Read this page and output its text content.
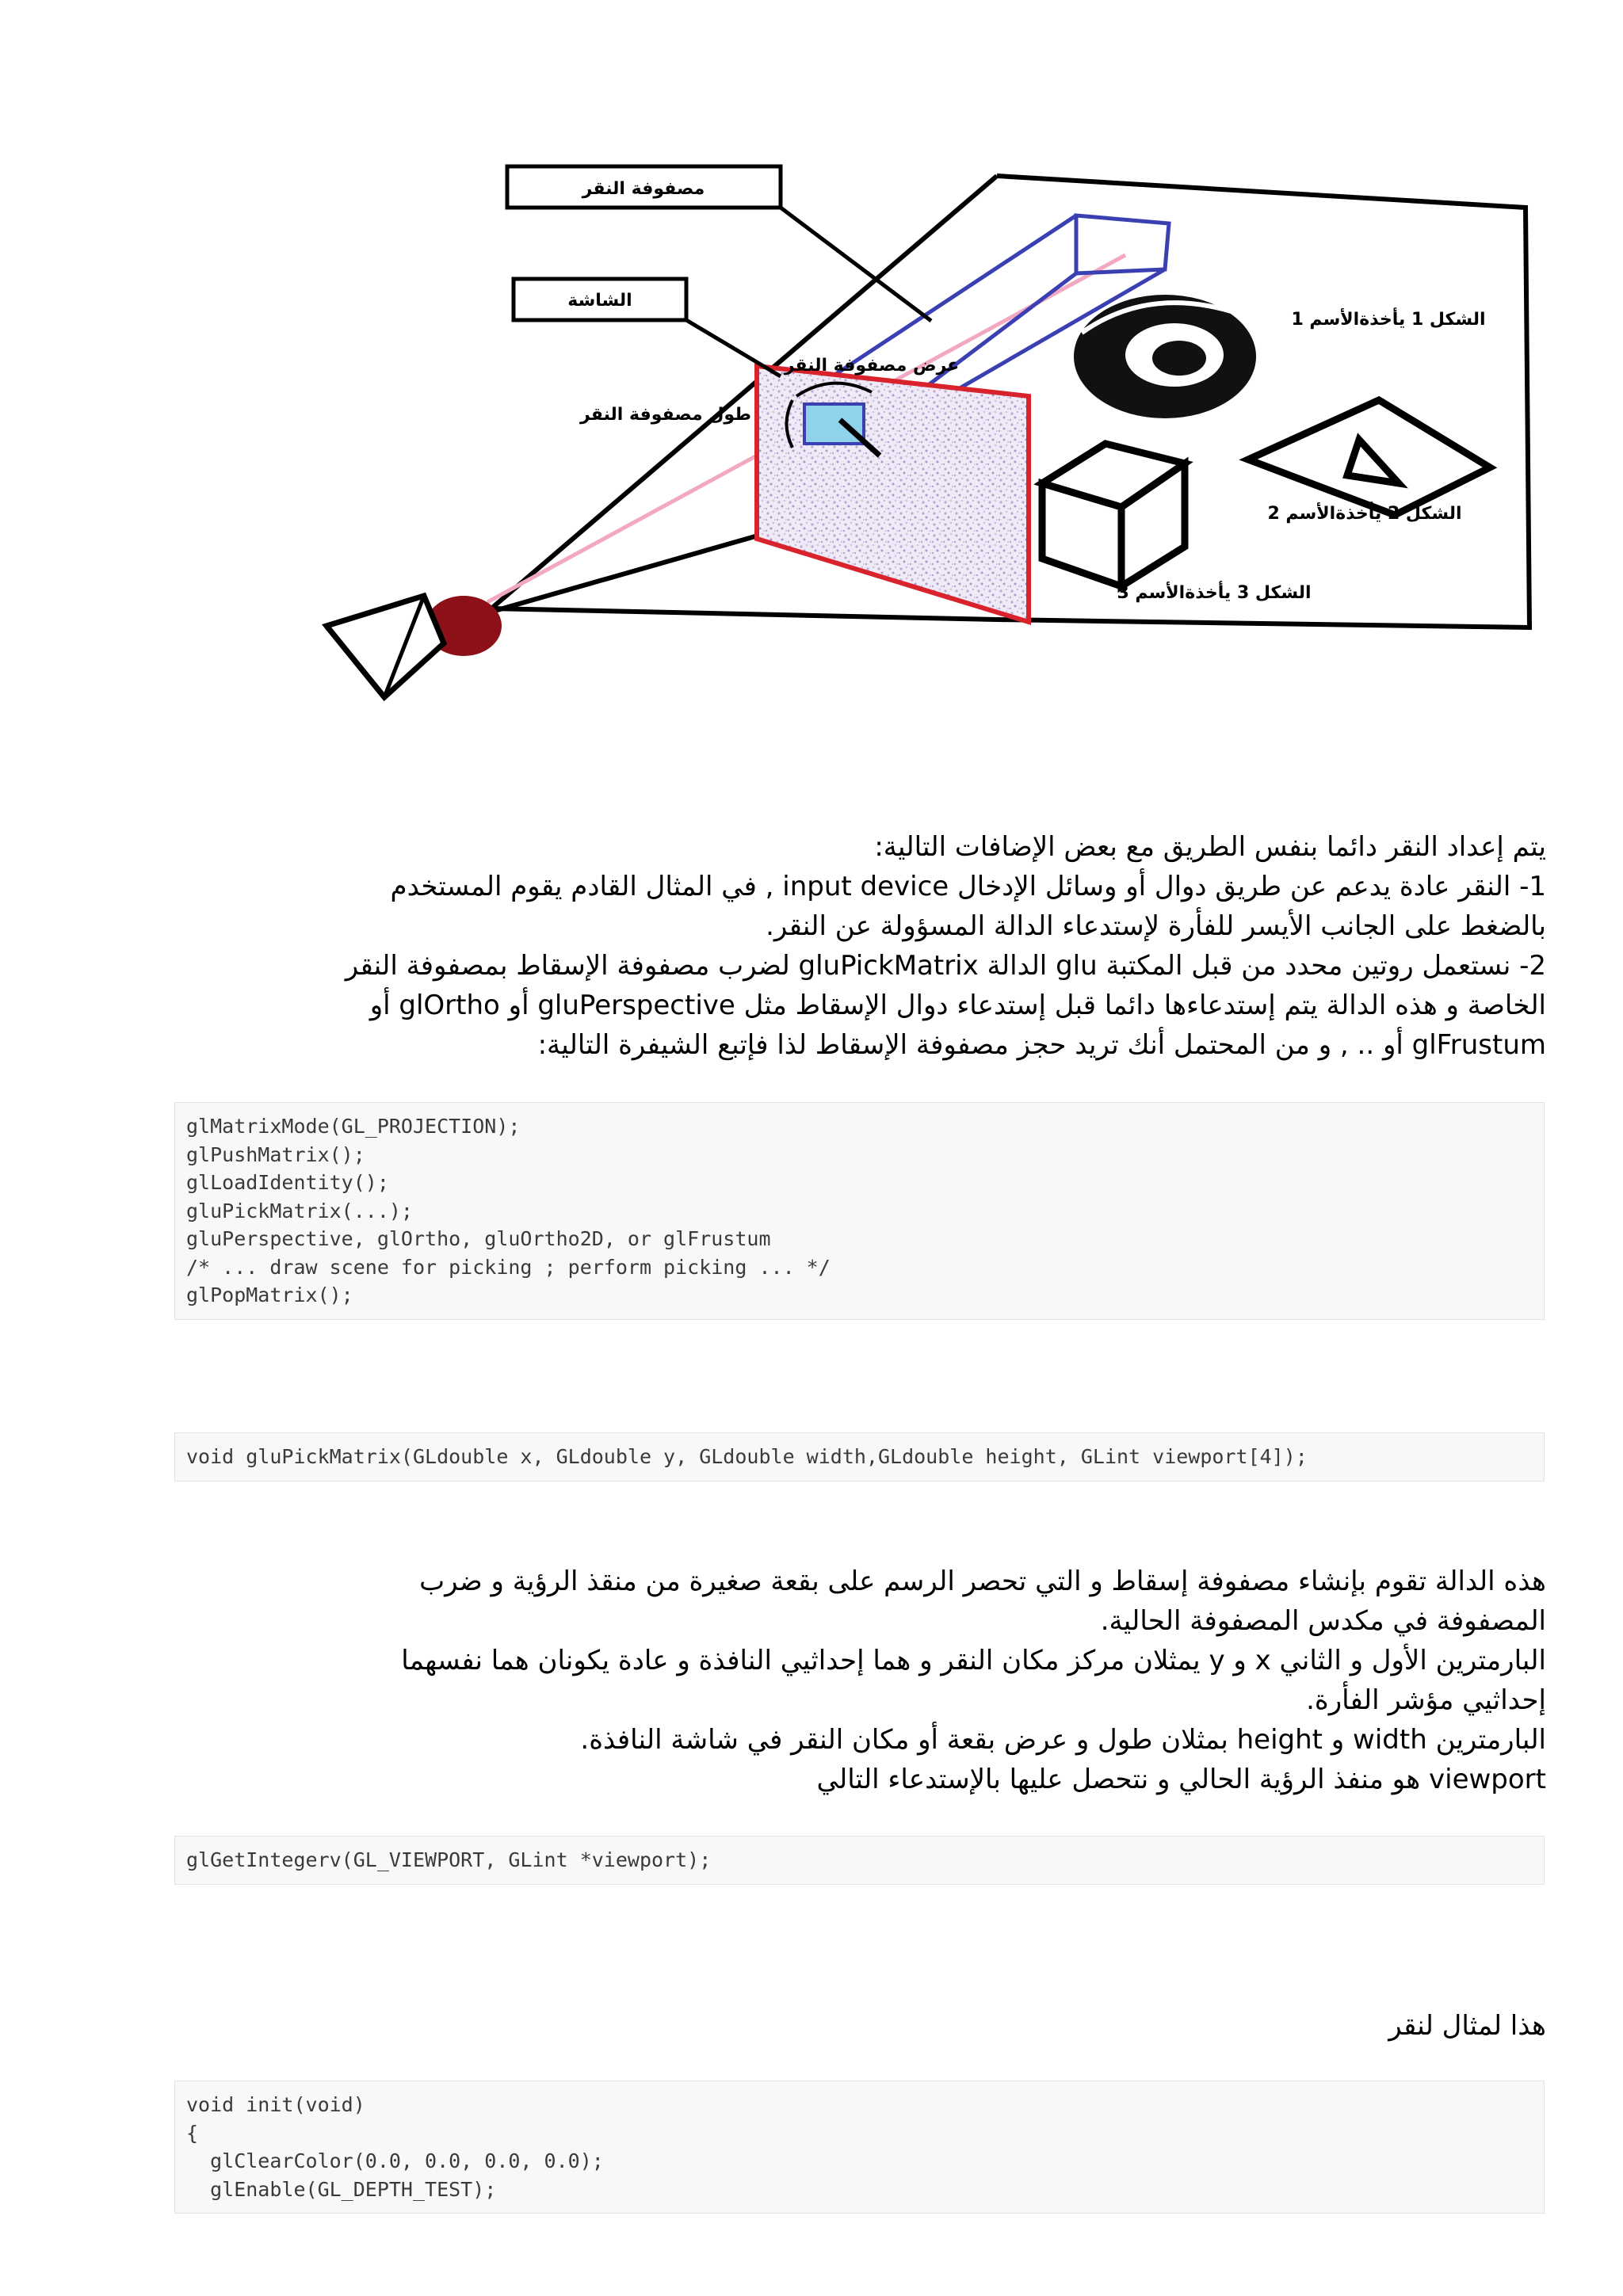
مصفوفة النقر
الشاشة
عرض مصفوفة النقر
طول مصفوفة النقر
الشكل 1 يأخذةالأسم 1
الشكل 2 يأخذةالأسم 2
الشكل 3 يأخذةالأسم 3
يتم إعداد النقر دائما بنفس الطريق مع بعض الإضافات التالية:
1- النقر عادة يدعم عن طريق دوال أو وسائل الإدخال input device , في المثال القادم يقوم المستخدم
بالضغط على الجانب الأيسر للفأرة لإستدعاء الدالة المسؤولة عن النقر.
2- نستعمل روتين محدد من قبل المكتبة glu الدالة gluPickMatrix لضرب مصفوفة الإسقاط بمصفوفة النقر
الخاصة و هذه الدالة يتم إستدعاءها دائما قبل إستدعاء دوال الإسقاط مثل gluPerspective أو glOrtho أو
glFrustum أو .. , و من المحتمل أنك تريد حجز مصفوفة الإسقاط لذا فإتبع الشيفرة التالية:
glMatrixMode(GL_PROJECTION);
glPushMatrix();
glLoadIdentity();
gluPickMatrix(...);
gluPerspective, glOrtho, gluOrtho2D, or glFrustum
/* ... draw scene for picking ; perform picking ... */
glPopMatrix();
void gluPickMatrix(GLdouble x, GLdouble y, GLdouble width,GLdouble height, GLint viewport[4]);
هذه الدالة تقوم بإنشاء مصفوفة إسقاط و التي تحصر الرسم على بقعة صغيرة من منقذ الرؤية و ضرب
المصفوفة في مكدس المصفوفة الحالية.
البارمترين الأول و الثاني x و y يمثلان مركز مكان النقر و هما إحداثيي النافذة و عادة يكونان هما نفسهما
إحداثيي مؤشر الفأرة.
البارمترين width و height بمثلان طول و عرض بقعة أو مكان النقر في شاشة النافذة.
viewport هو منفذ الرؤية الحالي و نتحصل عليها بالإستدعاء التالي
glGetIntegerv(GL_VIEWPORT, GLint *viewport);
هذا لمثال لنقر
void init(void)
{
glClearColor(0.0, 0.0, 0.0, 0.0);
glEnable(GL_DEPTH_TEST);
